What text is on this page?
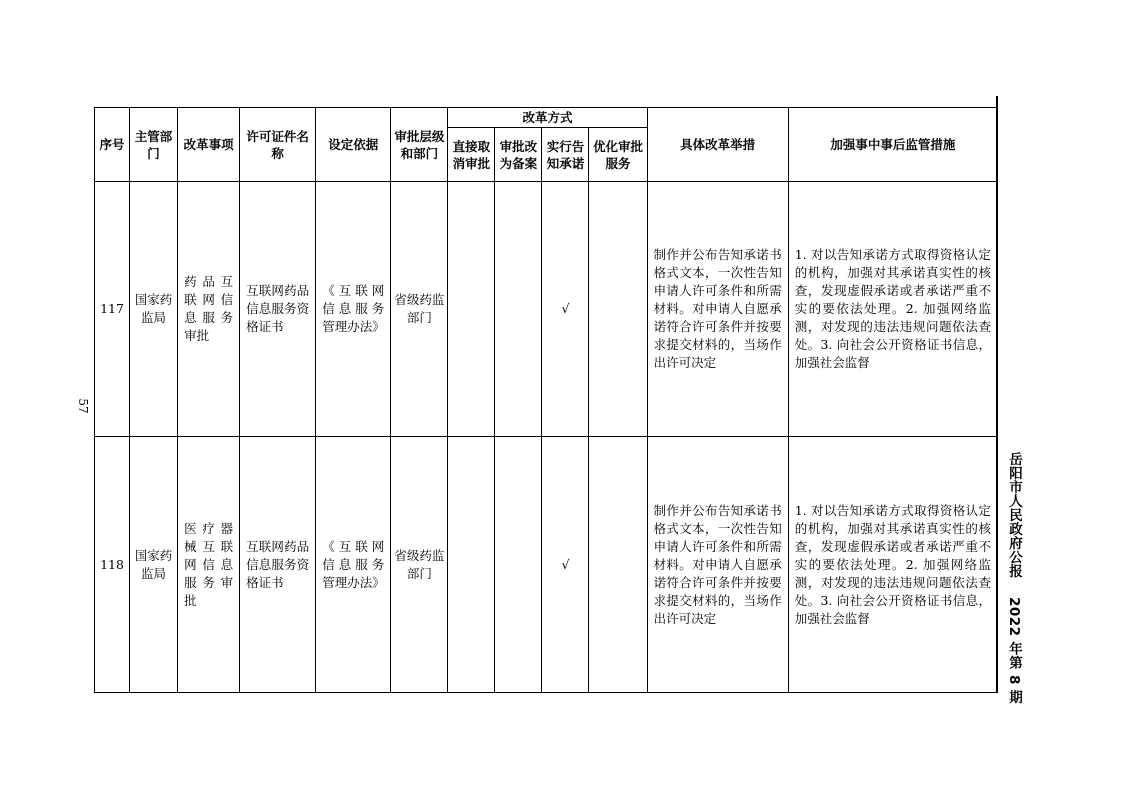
57
序号	主管部门	改革事项	许可证件名称	设定依据	审批层级和部门	改革方式				具体改革举措	加强事中事后监管措施
						直接取消审批	审批改为备案	实行告知承诺	优化审批服务		
117	国家药监局	药品互联网信息服务审批	互联网药品信息服务资格证书	《互联网信息服务管理办法》	省级药监部门			√		制作并公布告知承诺书格式文本，一次性告知申请人许可条件和所需材料。对申请人自愿承诺符合许可条件并按要求提交材料的，当场作出许可决定	1. 对以告知承诺方式取得资格认定的机构，加强对其承诺真实性的核查，发现虚假承诺或者承诺严重不实的要依法处理。2. 加强网络监测，对发现的违法违规问题依法查处。3. 向社会公开资格证书信息，加强社会监督
118	国家药监局	医疗器械互联网信息服务审批	互联网药品信息服务资格证书	《互联网信息服务管理办法》	省级药监部门			√		制作并公布告知承诺书格式文本，一次性告知申请人许可条件和所需材料。对申请人自愿承诺符合许可条件并按要求提交材料的，当场作出许可决定	1. 对以告知承诺方式取得资格认定的机构，加强对其承诺真实性的核查，发现虚假承诺或者承诺严重不实的要依法处理。2. 加强网络监测，对发现的违法违规问题依法查处。3. 向社会公开资格证书信息，加强社会监督
岳阳市人民政府公报 2022 年第 8 期
